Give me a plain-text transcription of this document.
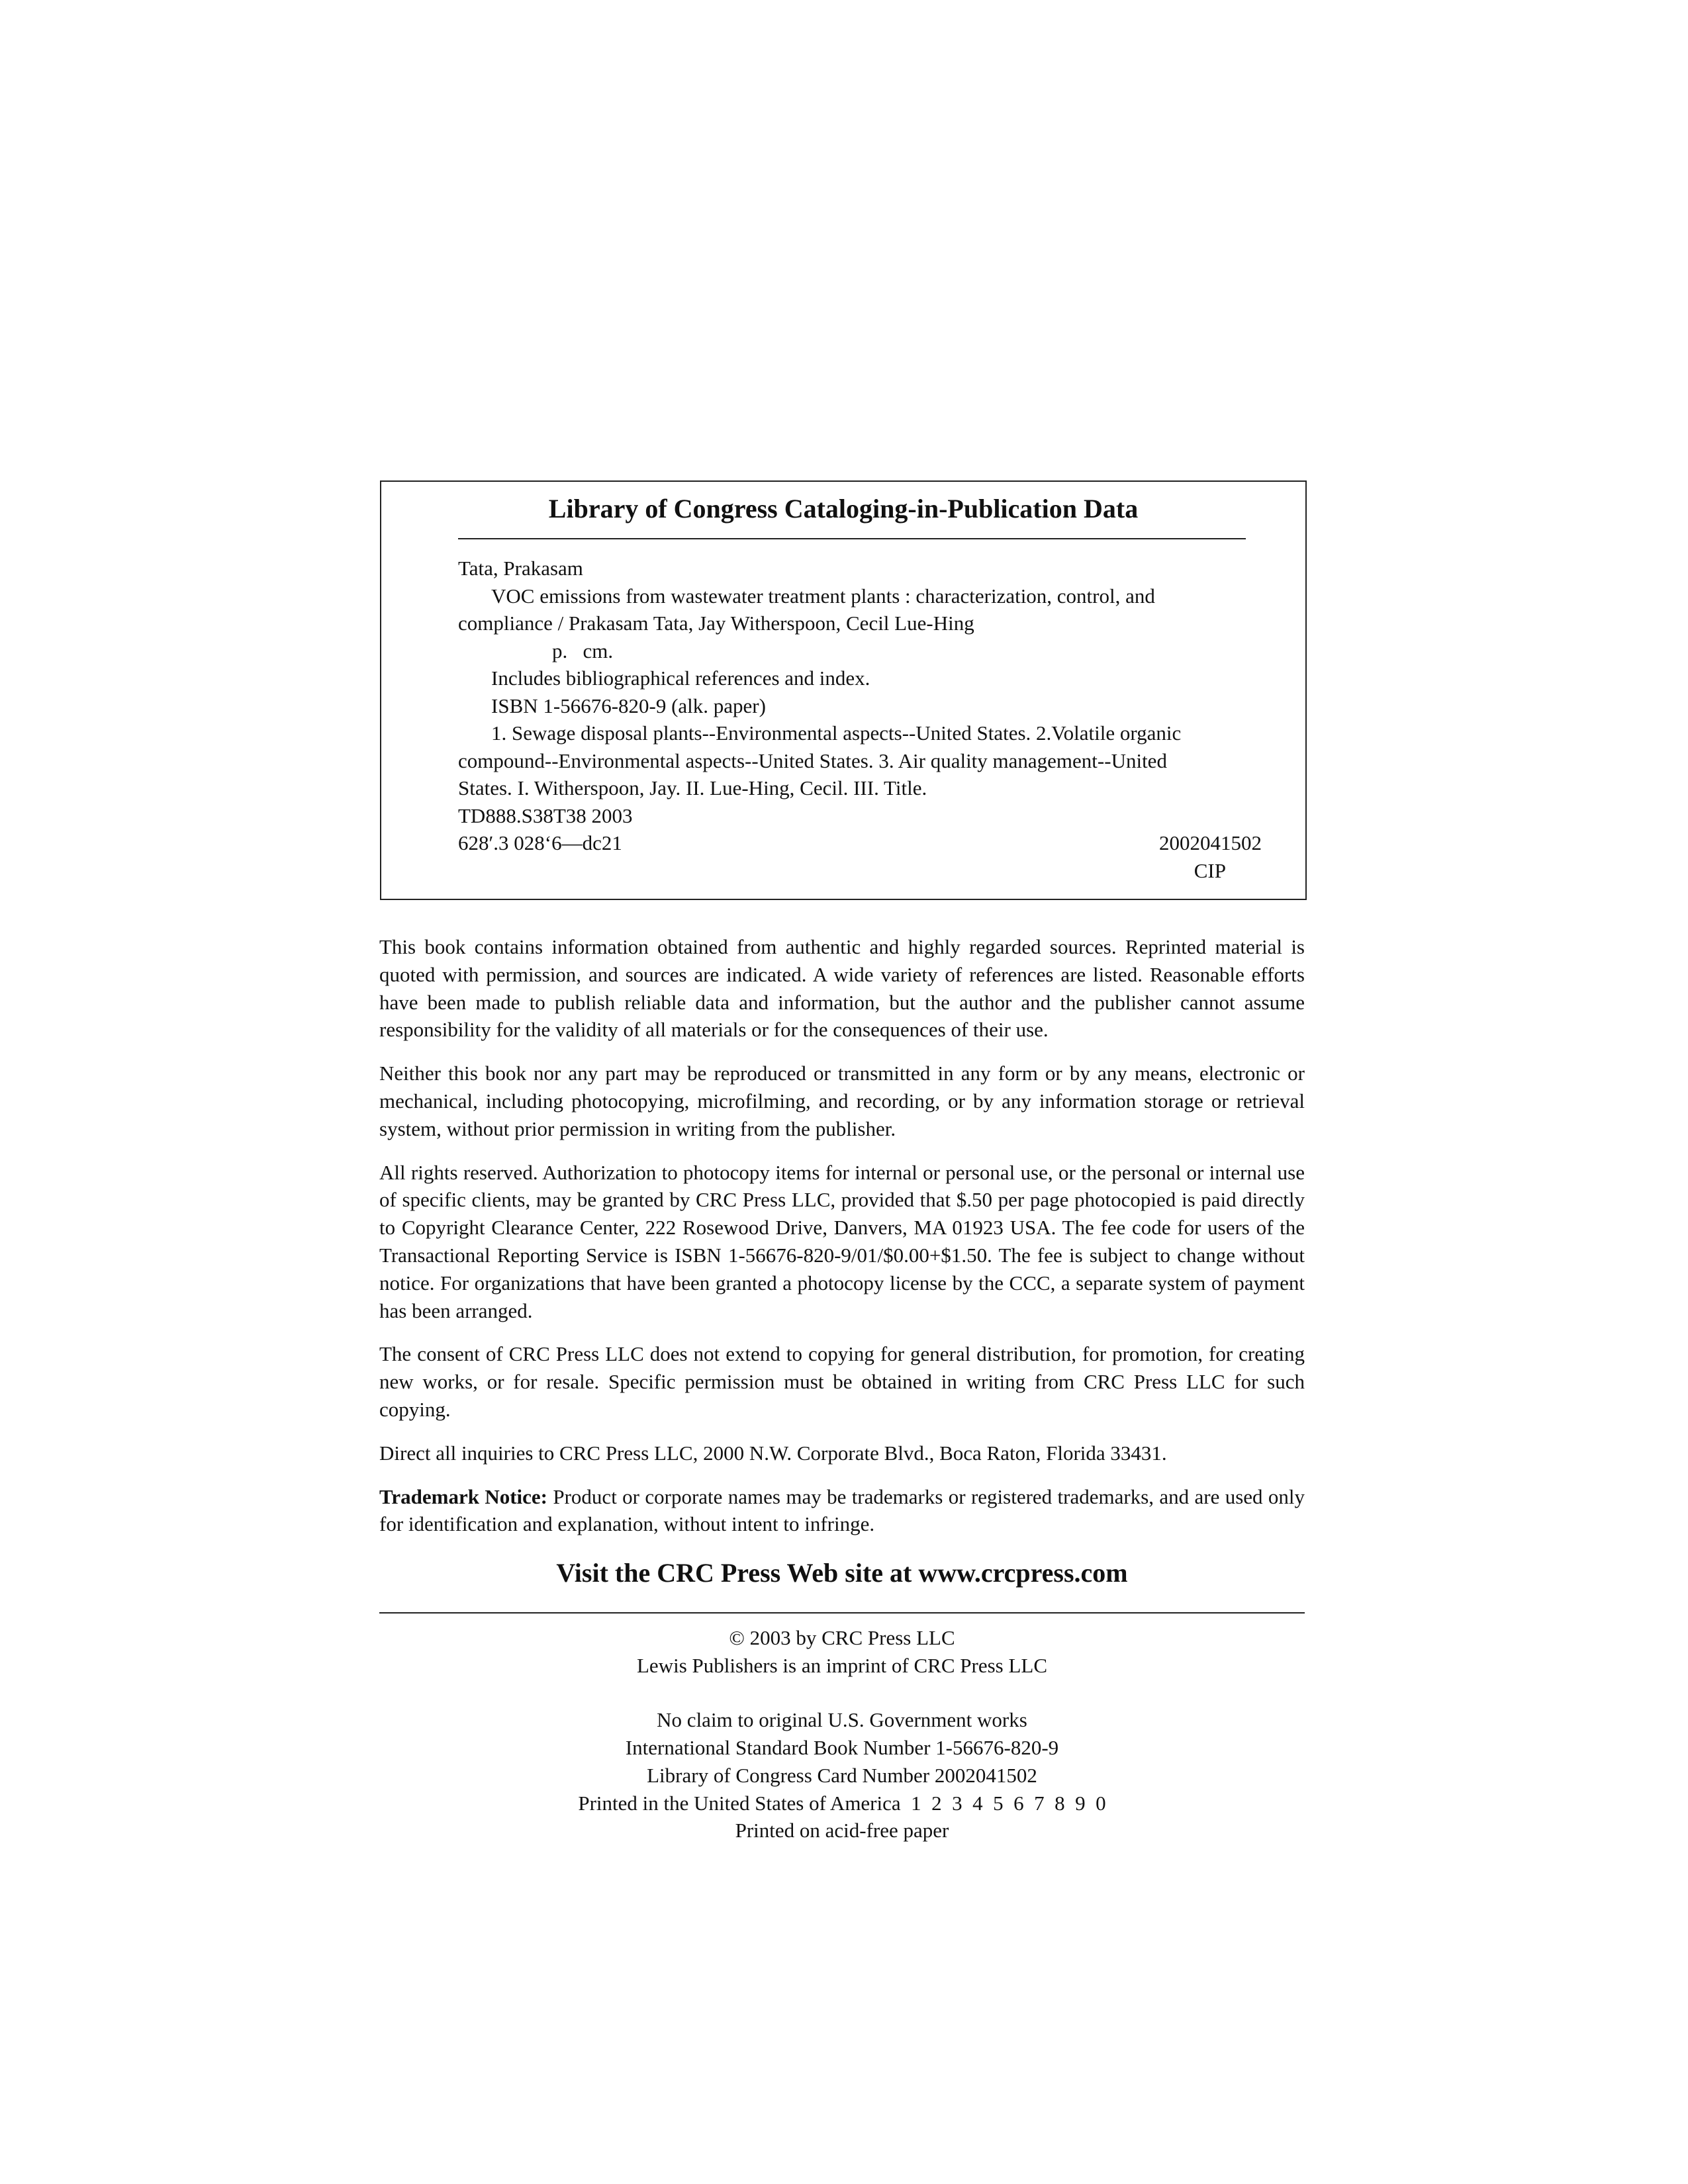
Library of Congress Cataloging-in-Publication Data
Tata, Prakasam
VOC emissions from wastewater treatment plants : characterization, control, and
compliance / Prakasam Tata, Jay Witherspoon, Cecil Lue-Hing
p.   cm.
Includes bibliographical references and index.
ISBN 1-56676-820-9 (alk. paper)
1. Sewage disposal plants--Environmental aspects--United States. 2.Volatile organic
compound--Environmental aspects--United States. 3. Air quality management--United
States. I. Witherspoon, Jay. II. Lue-Hing, Cecil. III. Title.
TD888.S38T38 2003
628′.3 028‘6—dc21	2002041502
CIP

This book contains information obtained from authentic and highly regarded sources. Reprinted material is quoted with permission, and sources are indicated. A wide variety of references are listed. Reasonable efforts have been made to publish reliable data and information, but the author and the publisher cannot assume responsibility for the validity of all materials or for the consequences of their use.

Neither this book nor any part may be reproduced or transmitted in any form or by any means, electronic or mechanical, including photocopying, microfilming, and recording, or by any information storage or retrieval system, without prior permission in writing from the publisher.

All rights reserved. Authorization to photocopy items for internal or personal use, or the personal or internal use of specific clients, may be granted by CRC Press LLC, provided that $.50 per page photocopied is paid directly to Copyright Clearance Center, 222 Rosewood Drive, Danvers, MA 01923 USA. The fee code for users of the Transactional Reporting Service is ISBN 1-56676-820-9/01/$0.00+$1.50. The fee is subject to change without notice. For organizations that have been granted a photocopy license by the CCC, a separate system of payment has been arranged.

The consent of CRC Press LLC does not extend to copying for general distribution, for promotion, for creating new works, or for resale. Specific permission must be obtained in writing from CRC Press LLC for such copying.

Direct all inquiries to CRC Press LLC, 2000 N.W. Corporate Blvd., Boca Raton, Florida 33431.

Trademark Notice: Product or corporate names may be trademarks or registered trademarks, and are used only for identification and explanation, without intent to infringe.

Visit the CRC Press Web site at www.crcpress.com
© 2003 by CRC Press LLC
Lewis Publishers is an imprint of CRC Press LLC
No claim to original U.S. Government works
International Standard Book Number 1-56676-820-9
Library of Congress Card Number 2002041502
Printed in the United States of America  1  2  3  4  5  6  7  8  9  0
Printed on acid-free paper
